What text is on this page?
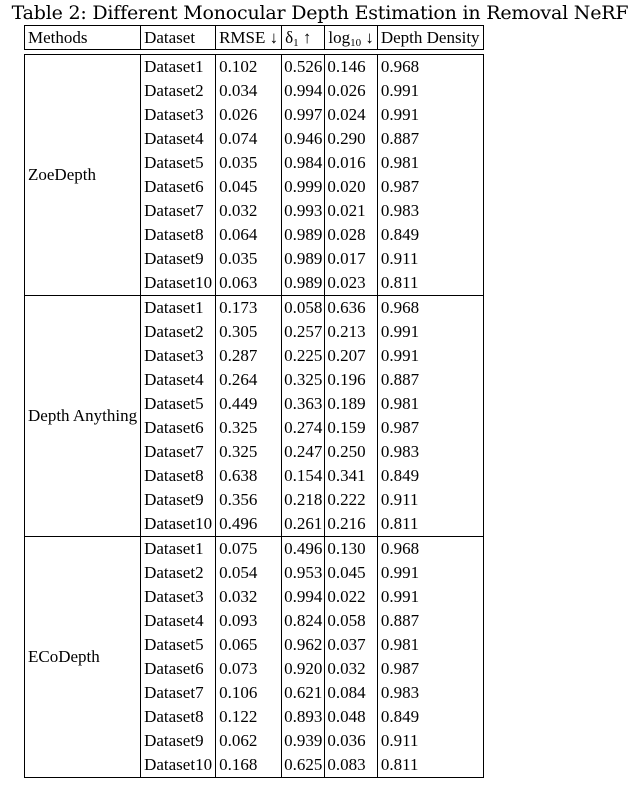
Table 2: Different Monocular Depth Estimation in Removal NeRF
Methods	Dataset	RMSE ↓	$\delta_1$ ↑	$\log_{10}$ ↓	Depth Density

ZoeDepth	Dataset1	0.102	0.526	0.146	0.968
	Dataset2	0.034	0.994	0.026	0.991
	Dataset3	0.026	0.997	0.024	0.991
	Dataset4	0.074	0.946	0.290	0.887
	Dataset5	0.035	0.984	0.016	0.981
	Dataset6	0.045	0.999	0.020	0.987
	Dataset7	0.032	0.993	0.021	0.983
	Dataset8	0.064	0.989	0.028	0.849
	Dataset9	0.035	0.989	0.017	0.911
	Dataset10	0.063	0.989	0.023	0.811
Depth Anything	Dataset1	0.173	0.058	0.636	0.968
	Dataset2	0.305	0.257	0.213	0.991
	Dataset3	0.287	0.225	0.207	0.991
	Dataset4	0.264	0.325	0.196	0.887
	Dataset5	0.449	0.363	0.189	0.981
	Dataset6	0.325	0.274	0.159	0.987
	Dataset7	0.325	0.247	0.250	0.983
	Dataset8	0.638	0.154	0.341	0.849
	Dataset9	0.356	0.218	0.222	0.911
	Dataset10	0.496	0.261	0.216	0.811
ECoDepth	Dataset1	0.075	0.496	0.130	0.968
	Dataset2	0.054	0.953	0.045	0.991
	Dataset3	0.032	0.994	0.022	0.991
	Dataset4	0.093	0.824	0.058	0.887
	Dataset5	0.065	0.962	0.037	0.981
	Dataset6	0.073	0.920	0.032	0.987
	Dataset7	0.106	0.621	0.084	0.983
	Dataset8	0.122	0.893	0.048	0.849
	Dataset9	0.062	0.939	0.036	0.911
	Dataset10	0.168	0.625	0.083	0.811
